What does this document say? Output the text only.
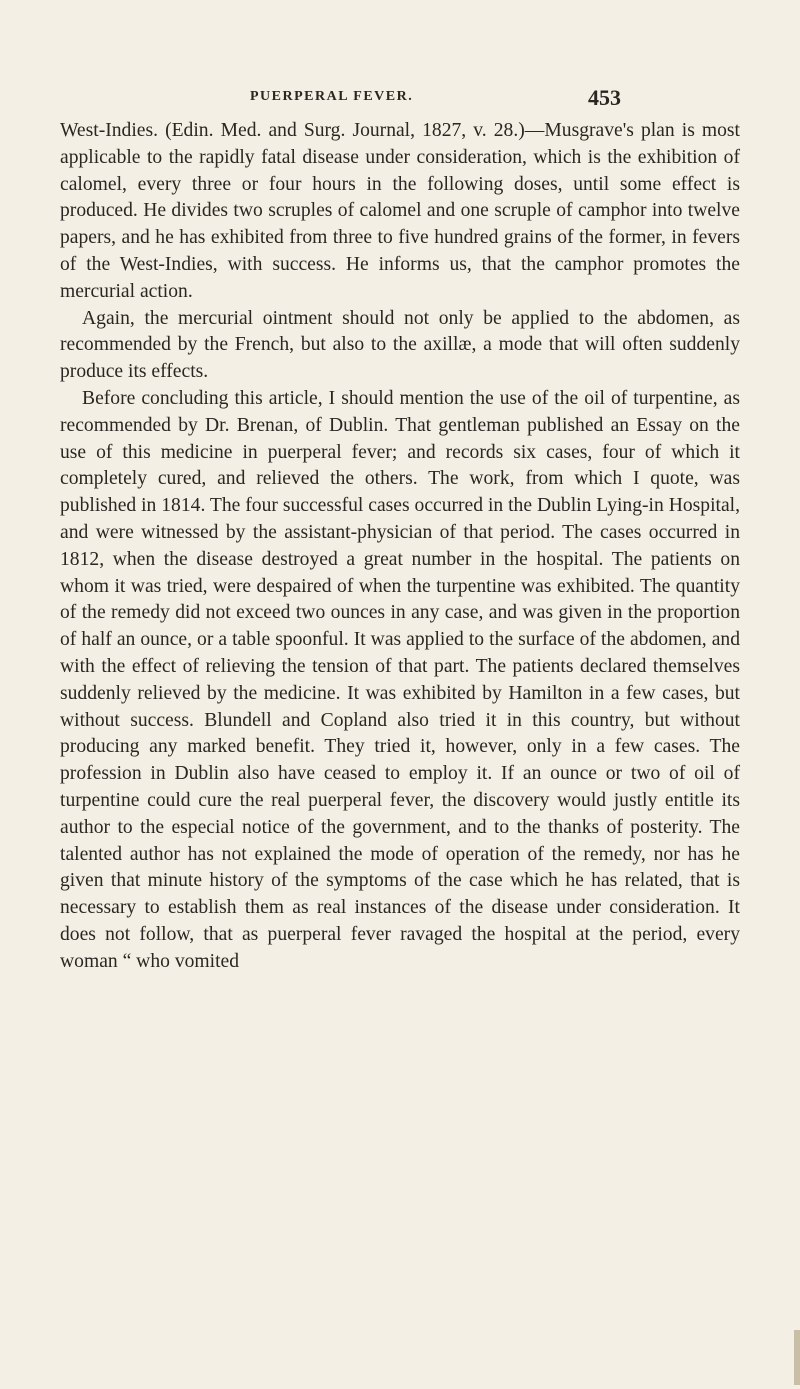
PUERPERAL FEVER.	453

West-Indies. (Edin. Med. and Surg. Journal, 1827, v. 28.)—Musgrave's plan is most applicable to the rapidly fatal disease under consideration, which is the exhibition of calomel, every three or four hours in the following doses, until some effect is produced. He divides two scruples of calomel and one scruple of camphor into twelve papers, and he has exhibited from three to five hundred grains of the former, in fevers of the West-Indies, with success. He informs us, that the camphor promotes the mercurial action.

Again, the mercurial ointment should not only be applied to the abdomen, as recommended by the French, but also to the axillæ, a mode that will often suddenly produce its effects.

Before concluding this article, I should mention the use of the oil of turpentine, as recommended by Dr. Brenan, of Dublin. That gentleman published an Essay on the use of this medicine in puerperal fever; and records six cases, four of which it completely cured, and relieved the others. The work, from which I quote, was published in 1814. The four successful cases occurred in the Dublin Lying-in Hospital, and were witnessed by the assistant-physician of that period. The cases occurred in 1812, when the disease destroyed a great number in the hospital. The patients on whom it was tried, were despaired of when the turpentine was exhibited. The quantity of the remedy did not exceed two ounces in any case, and was given in the proportion of half an ounce, or a table spoonful. It was applied to the surface of the abdomen, and with the effect of relieving the tension of that part. The patients declared themselves suddenly relieved by the medicine. It was exhibited by Hamilton in a few cases, but without success. Blundell and Copland also tried it in this country, but without producing any marked benefit. They tried it, however, only in a few cases. The profession in Dublin also have ceased to employ it. If an ounce or two of oil of turpentine could cure the real puerperal fever, the discovery would justly entitle its author to the especial notice of the government, and to the thanks of posterity. The talented author has not explained the mode of operation of the remedy, nor has he given that minute history of the symptoms of the case which he has related, that is necessary to establish them as real instances of the disease under consideration. It does not follow, that as puerperal fever ravaged the hospital at the period, every woman “ who vomited
